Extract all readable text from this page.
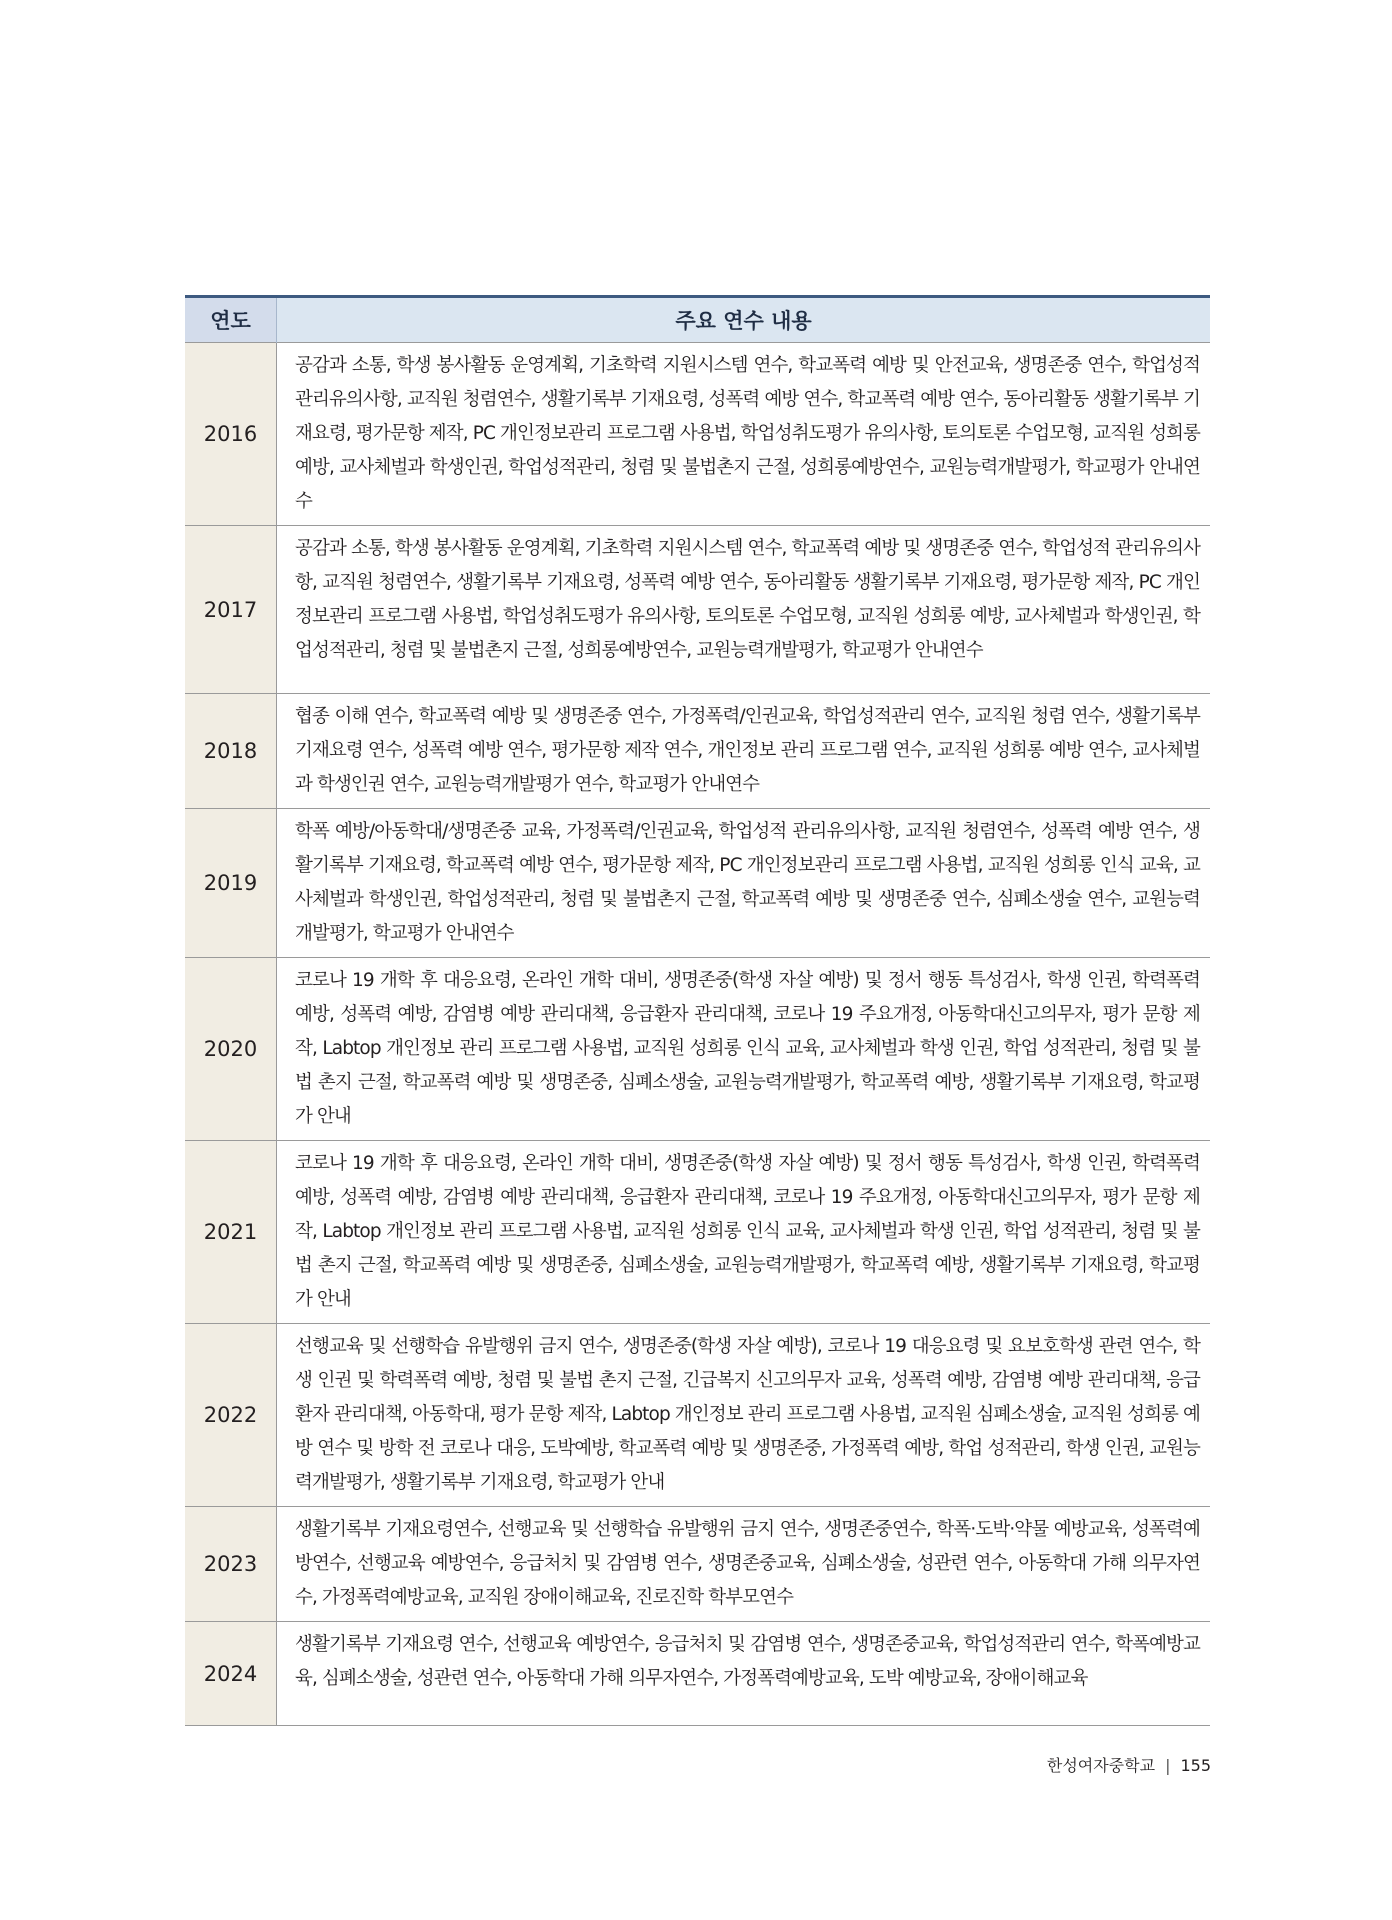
연도	주요 연수 내용
2016	공감과 소통, 학생 봉사활동 운영계획, 기초학력 지원시스템 연수, 학교폭력 예방 및 안전교육, 생명존중 연수, 학업성적 관리유의사항, 교직원 청렴연수, 생활기록부 기재요령, 성폭력 예방 연수, 학교폭력 예방 연수, 동아리활동 생활기록부 기재요령, 평가문항 제작, PC 개인정보관리 프로그램 사용법, 학업성취도평가 유의사항, 토의토론 수업모형, 교직원 성희롱 예방, 교사체벌과 학생인권, 학업성적관리, 청렴 및 불법촌지 근절, 성희롱예방연수, 교원능력개발평가, 학교평가 안내연수
2017	공감과 소통, 학생 봉사활동 운영계획, 기초학력 지원시스템 연수, 학교폭력 예방 및 생명존중 연수, 학업성적 관리유의사항, 교직원 청렴연수, 생활기록부 기재요령, 성폭력 예방 연수, 동아리활동 생활기록부 기재요령, 평가문항 제작, PC 개인정보관리 프로그램 사용법, 학업성취도평가 유의사항, 토의토론 수업모형, 교직원 성희롱 예방, 교사체벌과 학생인권, 학업성적관리, 청렴 및 불법촌지 근절, 성희롱예방연수, 교원능력개발평가, 학교평가 안내연수
2018	협종 이해 연수, 학교폭력 예방 및 생명존중 연수, 가정폭력/인권교육, 학업성적관리 연수, 교직원 청렴 연수, 생활기록부 기재요령 연수, 성폭력 예방 연수, 평가문항 제작 연수, 개인정보 관리 프로그램 연수, 교직원 성희롱 예방 연수, 교사체벌과 학생인권 연수, 교원능력개발평가 연수, 학교평가 안내연수
2019	학폭 예방/아동학대/생명존중 교육, 가정폭력/인권교육, 학업성적 관리유의사항, 교직원 청렴연수, 성폭력 예방 연수, 생활기록부 기재요령, 학교폭력 예방 연수, 평가문항 제작, PC 개인정보관리 프로그램 사용법, 교직원 성희롱 인식 교육, 교사체벌과 학생인권, 학업성적관리, 청렴 및 불법촌지 근절, 학교폭력 예방 및 생명존중 연수, 심폐소생술 연수, 교원능력개발평가, 학교평가 안내연수
2020	코로나 19 개학 후 대응요령, 온라인 개학 대비, 생명존중(학생 자살 예방) 및 정서 행동 특성검사, 학생 인권, 학력폭력 예방, 성폭력 예방, 감염병 예방 관리대책, 응급환자 관리대책, 코로나 19 주요개정, 아동학대신고의무자, 평가 문항 제작, Labtop 개인정보 관리 프로그램 사용법, 교직원 성희롱 인식 교육, 교사체벌과 학생 인권, 학업 성적관리, 청렴 및 불법 촌지 근절, 학교폭력 예방 및 생명존중, 심폐소생술, 교원능력개발평가, 학교폭력 예방, 생활기록부 기재요령, 학교평가 안내
2021	코로나 19 개학 후 대응요령, 온라인 개학 대비, 생명존중(학생 자살 예방) 및 정서 행동 특성검사, 학생 인권, 학력폭력 예방, 성폭력 예방, 감염병 예방 관리대책, 응급환자 관리대책, 코로나 19 주요개정, 아동학대신고의무자, 평가 문항 제작, Labtop 개인정보 관리 프로그램 사용법, 교직원 성희롱 인식 교육, 교사체벌과 학생 인권, 학업 성적관리, 청렴 및 불법 촌지 근절, 학교폭력 예방 및 생명존중, 심폐소생술, 교원능력개발평가, 학교폭력 예방, 생활기록부 기재요령, 학교평가 안내
2022	선행교육 및 선행학습 유발행위 금지 연수, 생명존중(학생 자살 예방), 코로나 19 대응요령 및 요보호학생 관련 연수, 학생 인권 및 학력폭력 예방, 청렴 및 불법 촌지 근절, 긴급복지 신고의무자 교육, 성폭력 예방, 감염병 예방 관리대책, 응급환자 관리대책, 아동학대, 평가 문항 제작, Labtop 개인정보 관리 프로그램 사용법, 교직원 심폐소생술, 교직원 성희롱 예방 연수 및 방학 전 코로나 대응, 도박예방, 학교폭력 예방 및 생명존중, 가정폭력 예방, 학업 성적관리, 학생 인권, 교원능력개발평가, 생활기록부 기재요령, 학교평가 안내
2023	생활기록부 기재요령연수, 선행교육 및 선행학습 유발행위 금지 연수, 생명존중연수, 학폭·도박·약물 예방교육, 성폭력예방연수, 선행교육 예방연수, 응급처치 및 감염병 연수, 생명존중교육, 심폐소생술, 성관련 연수, 아동학대 가해 의무자연수, 가정폭력예방교육, 교직원 장애이해교육, 진로진학 학부모연수
2024	생활기록부 기재요령 연수, 선행교육 예방연수, 응급처치 및 감염병 연수, 생명존중교육, 학업성적관리 연수, 학폭예방교육, 심폐소생술, 성관련 연수, 아동학대 가해 의무자연수, 가정폭력예방교육, 도박 예방교육, 장애이해교육
한성여자중학교 | 155
